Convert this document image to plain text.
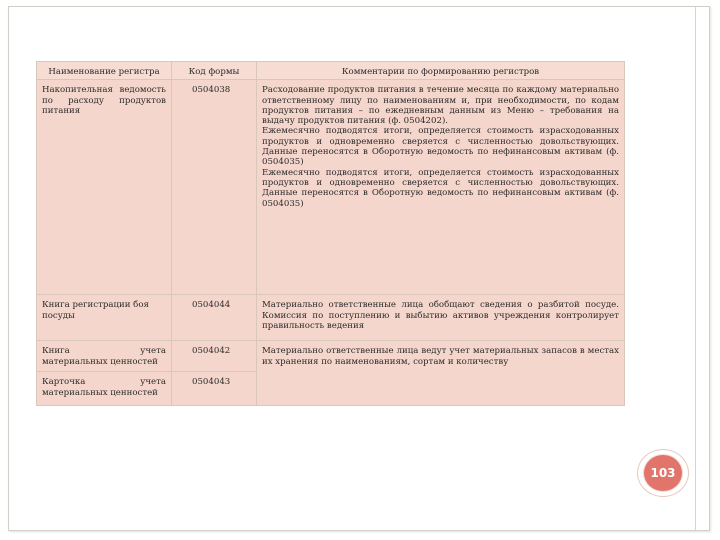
Наименование регистра	Код формы	Комментарии по формированию регистров
Накопительная ведомость по расходу продуктов питания	0504038	Расходование продуктов питания в течение месяца по каждому материально ответственному лицу по наименованиям и, при необходимости, по кодам продуктов питания – по ежедневным данным из Меню – требования на выдачу продуктов питания (ф. 0504202).
Ежемесячно подводятся итоги, определяется стоимость израсходованных продуктов и одновременно сверяется с численностью довольствующих. Данные переносятся в Оборотную ведомость по нефинансовым активам (ф. 0504035)
Ежемесячно подводятся итоги, определяется стоимость израсходованных продуктов и одновременно сверяется с численностью довольствующих. Данные переносятся в Оборотную ведомость по нефинансовым активам (ф. 0504035)
Книга регистрации боя посуды	0504044	Материально ответственные лица обобщают сведения о разбитой посуде. Комиссия по поступлению и выбытию активов учреждения контролирует правильность ведения
Книга учета материальных ценностей	0504042	Материально ответственные лица ведут учет материальных запасов в местах их хранения по наименованиям, сортам и количеству
Карточка учета материальных ценностей	0504043	
103
